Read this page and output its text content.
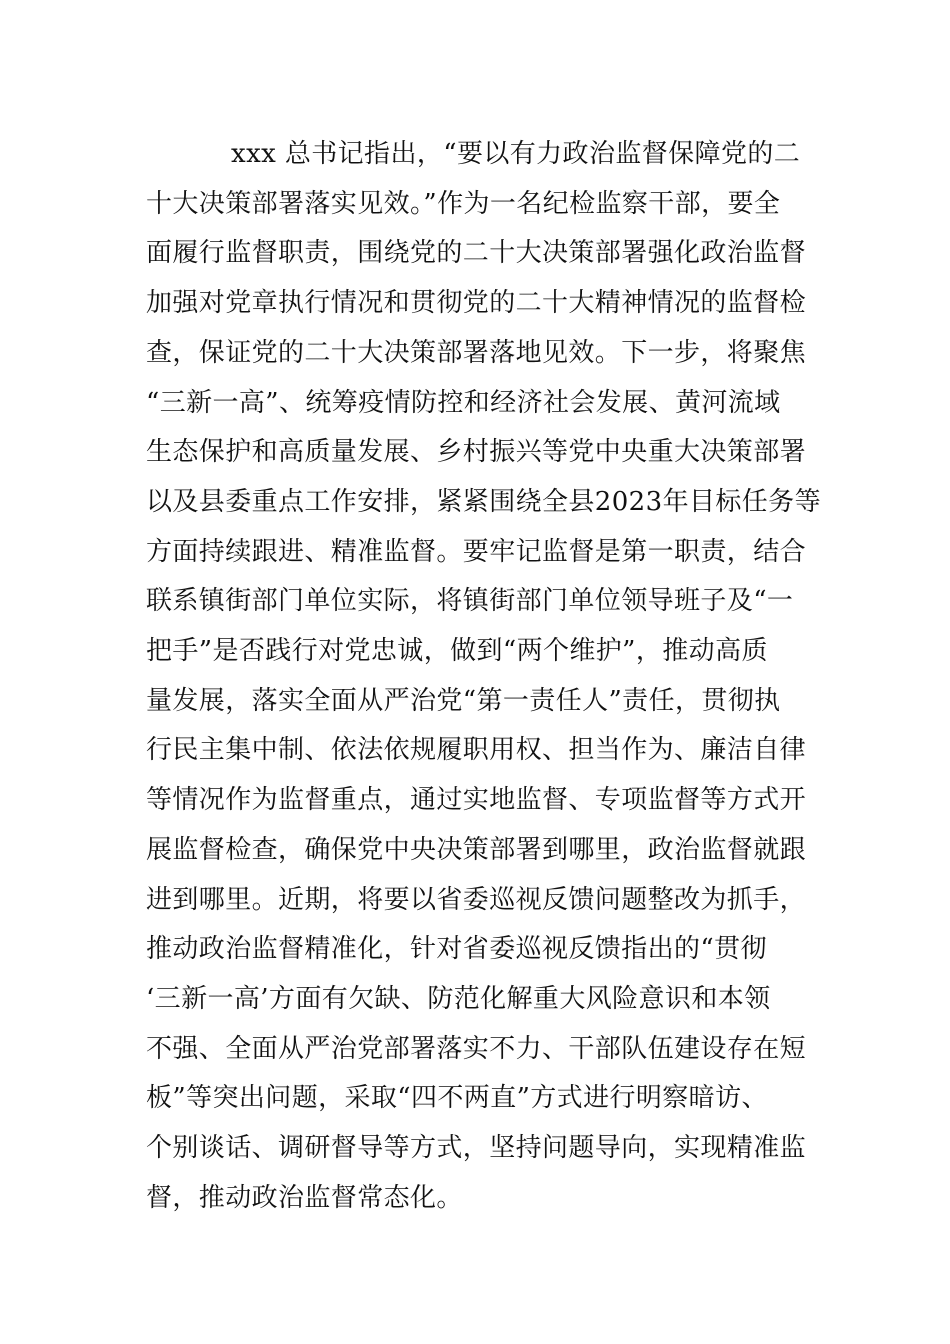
xxx 总书记指出，“要以有力政治监督保障党的二
十大决策部署落实见效。”作为一名纪检监察干部，要全
面履行监督职责，围绕党的二十大决策部署强化政治监督
加强对党章执行情况和贯彻党的二十大精神情况的监督检
查，保证党的二十大决策部署落地见效。下一步，将聚焦
“三新一高”、统筹疫情防控和经济社会发展、黄河流域
生态保护和高质量发展、乡村振兴等党中央重大决策部署
以及县委重点工作安排，紧紧围绕全县2023年目标任务等
方面持续跟进、精准监督。要牢记监督是第一职责，结合
联系镇街部门单位实际，将镇街部门单位领导班子及“一
把手”是否践行对党忠诚，做到“两个维护”，推动高质
量发展，落实全面从严治党“第一责任人”责任，贯彻执
行民主集中制、依法依规履职用权、担当作为、廉洁自律
等情况作为监督重点，通过实地监督、专项监督等方式开
展监督检查，确保党中央决策部署到哪里，政治监督就跟
进到哪里。近期，将要以省委巡视反馈问题整改为抓手，
推动政治监督精准化，针对省委巡视反馈指出的“贯彻
‘三新一高’方面有欠缺、防范化解重大风险意识和本领
不强、全面从严治党部署落实不力、干部队伍建设存在短
板”等突出问题，采取“四不两直”方式进行明察暗访、
个别谈话、调研督导等方式，坚持问题导向，实现精准监
督，推动政治监督常态化。
